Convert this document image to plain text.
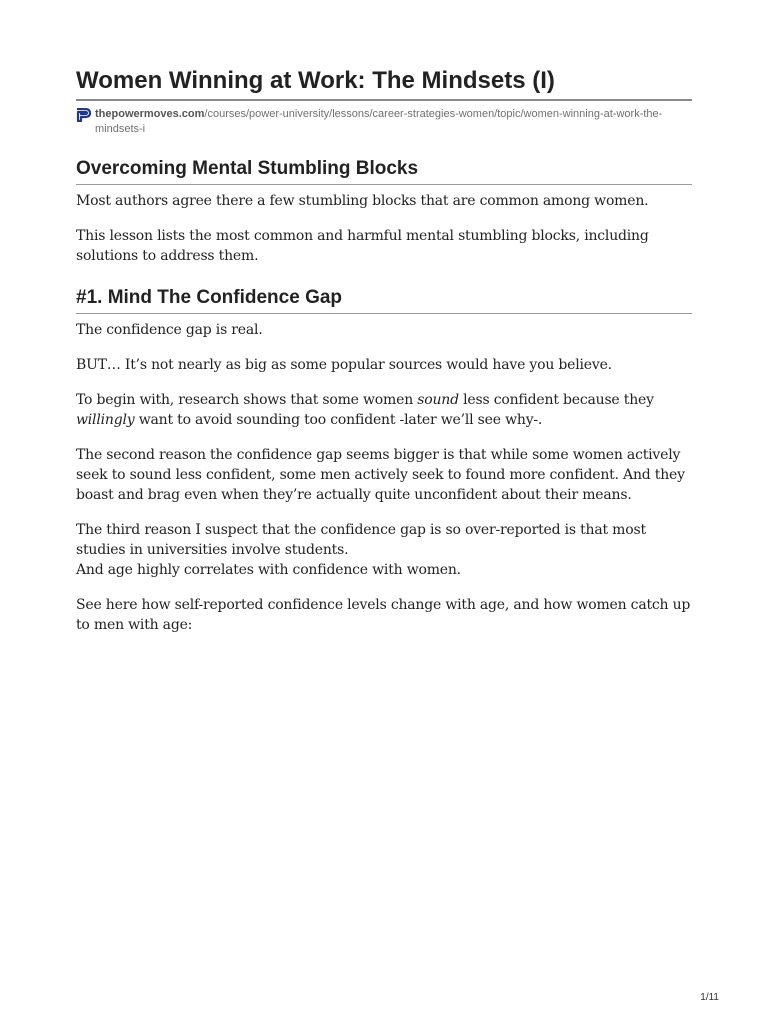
Women Winning at Work: The Mindsets (I)
thepowermoves.com/courses/power-university/lessons/career-strategies-women/topic/women-winning-at-work-the-mindsets-i
Overcoming Mental Stumbling Blocks

Most authors agree there a few stumbling blocks that are common among women.

This lesson lists the most common and harmful mental stumbling blocks, including solutions to address them.

#1. Mind The Confidence Gap

The confidence gap is real.

BUT… It’s not nearly as big as some popular sources would have you believe.

To begin with, research shows that some women sound less confident because they willingly want to avoid sounding too confident -later we’ll see why-.

The second reason the confidence gap seems bigger is that while some women actively seek to sound less confident, some men actively seek to found more confident. And they boast and brag even when they’re actually quite unconfident about their means.

The third reason I suspect that the confidence gap is so over-reported is that most studies in universities involve students.
And age highly correlates with confidence with women.

See here how self-reported confidence levels change with age, and how women catch up to men with age:

1/11
